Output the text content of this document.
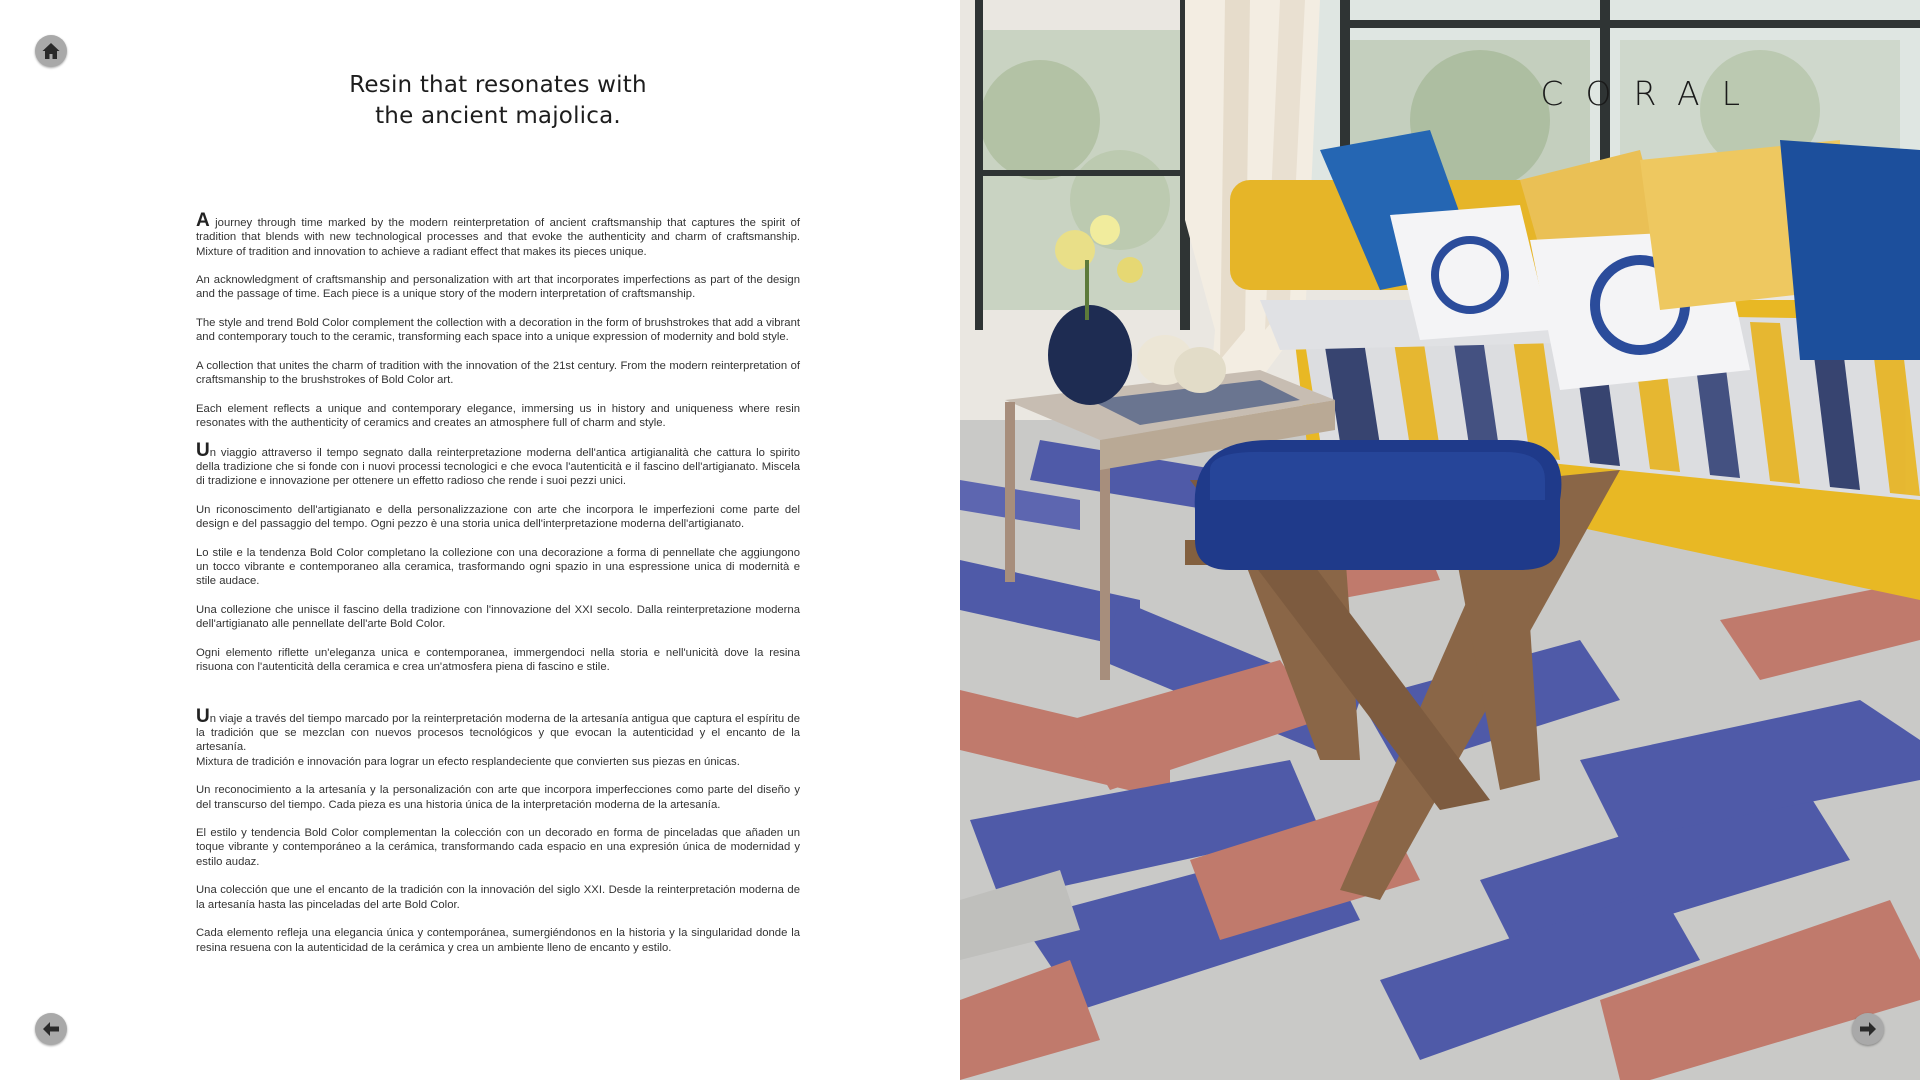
Resin that resonates with
the ancient majolica.

A journey through time marked by the modern reinterpretation of ancient craftsmanship that captures the spirit of tradition that blends with new technological processes and that evoke the authenticity and charm of craftsmanship. Mixture of tradition and innovation to achieve a radiant effect that makes its pieces unique.

An acknowledgment of craftsmanship and personalization with art that incorporates imperfections as part of the design and the passage of time. Each piece is a unique story of the modern interpretation of craftsmanship.

The style and trend Bold Color complement the collection with a decoration in the form of brushstrokes that add a vibrant and contemporary touch to the ceramic, transforming each space into a unique expression of modernity and bold style.

A collection that unites the charm of tradition with the innovation of the 21st century. From the modern reinterpretation of craftsmanship to the brushstrokes of Bold Color art.

Each element reflects a unique and contemporary elegance, immersing us in history and uniqueness where resin resonates with the authenticity of ceramics and creates an atmosphere full of charm and style.

Un viaggio attraverso il tempo segnato dalla reinterpretazione moderna dell'antica artigianalità che cattura lo spirito della tradizione che si fonde con i nuovi processi tecnologici e che evoca l'autenticità e il fascino dell'artigianato. Miscela di tradizione e innovazione per ottenere un effetto radioso che rende i suoi pezzi unici.

Un riconoscimento dell'artigianato e della personalizzazione con arte che incorpora le imperfezioni come parte del design e del passaggio del tempo. Ogni pezzo è una storia unica dell'interpretazione moderna dell'artigianato.

Lo stile e la tendenza Bold Color completano la collezione con una decorazione a forma di pennellate che aggiungono un tocco vibrante e contemporaneo alla ceramica, trasformando ogni spazio in una espressione unica di modernità e stile audace.

Una collezione che unisce il fascino della tradizione con l'innovazione del XXI secolo. Dalla reinterpretazione moderna dell'artigianato alle pennellate dell'arte Bold Color.

Ogni elemento riflette un'eleganza unica e contemporanea, immergendoci nella storia e nell'unicità dove la resina risuona con l'autenticità della ceramica e crea un'atmosfera piena di fascino e stile.

Un viaje a través del tiempo marcado por la reinterpretación moderna de la artesanía antigua que captura el espíritu de la tradición que se mezclan con nuevos procesos tecnológicos y que evocan la autenticidad y el encanto de la artesanía.

Mixtura de tradición e innovación para lograr un efecto resplandeciente que convierten sus piezas en únicas.

Un reconocimiento a la artesanía y la personalización con arte que incorpora imperfecciones como parte del diseño y del transcurso del tiempo. Cada pieza es una historia única de la interpretación moderna de la artesanía.

El estilo y tendencia Bold Color complementan la colección con un decorado en forma de pinceladas que añaden un toque vibrante y contemporáneo a la cerámica, transformando cada espacio en una expresión única de modernidad y estilo audaz.

Una colección que une el encanto de la tradición con la innovación del siglo XXI. Desde la reinterpretación moderna de la artesanía hasta las pinceladas del arte Bold Color.

Cada elemento refleja una elegancia única y contemporánea, sumergiéndonos en la historia y la singularidad donde la resina resuena con la autenticidad de la cerámica y crea un ambiente lleno de encanto y estilo.

CORAL
